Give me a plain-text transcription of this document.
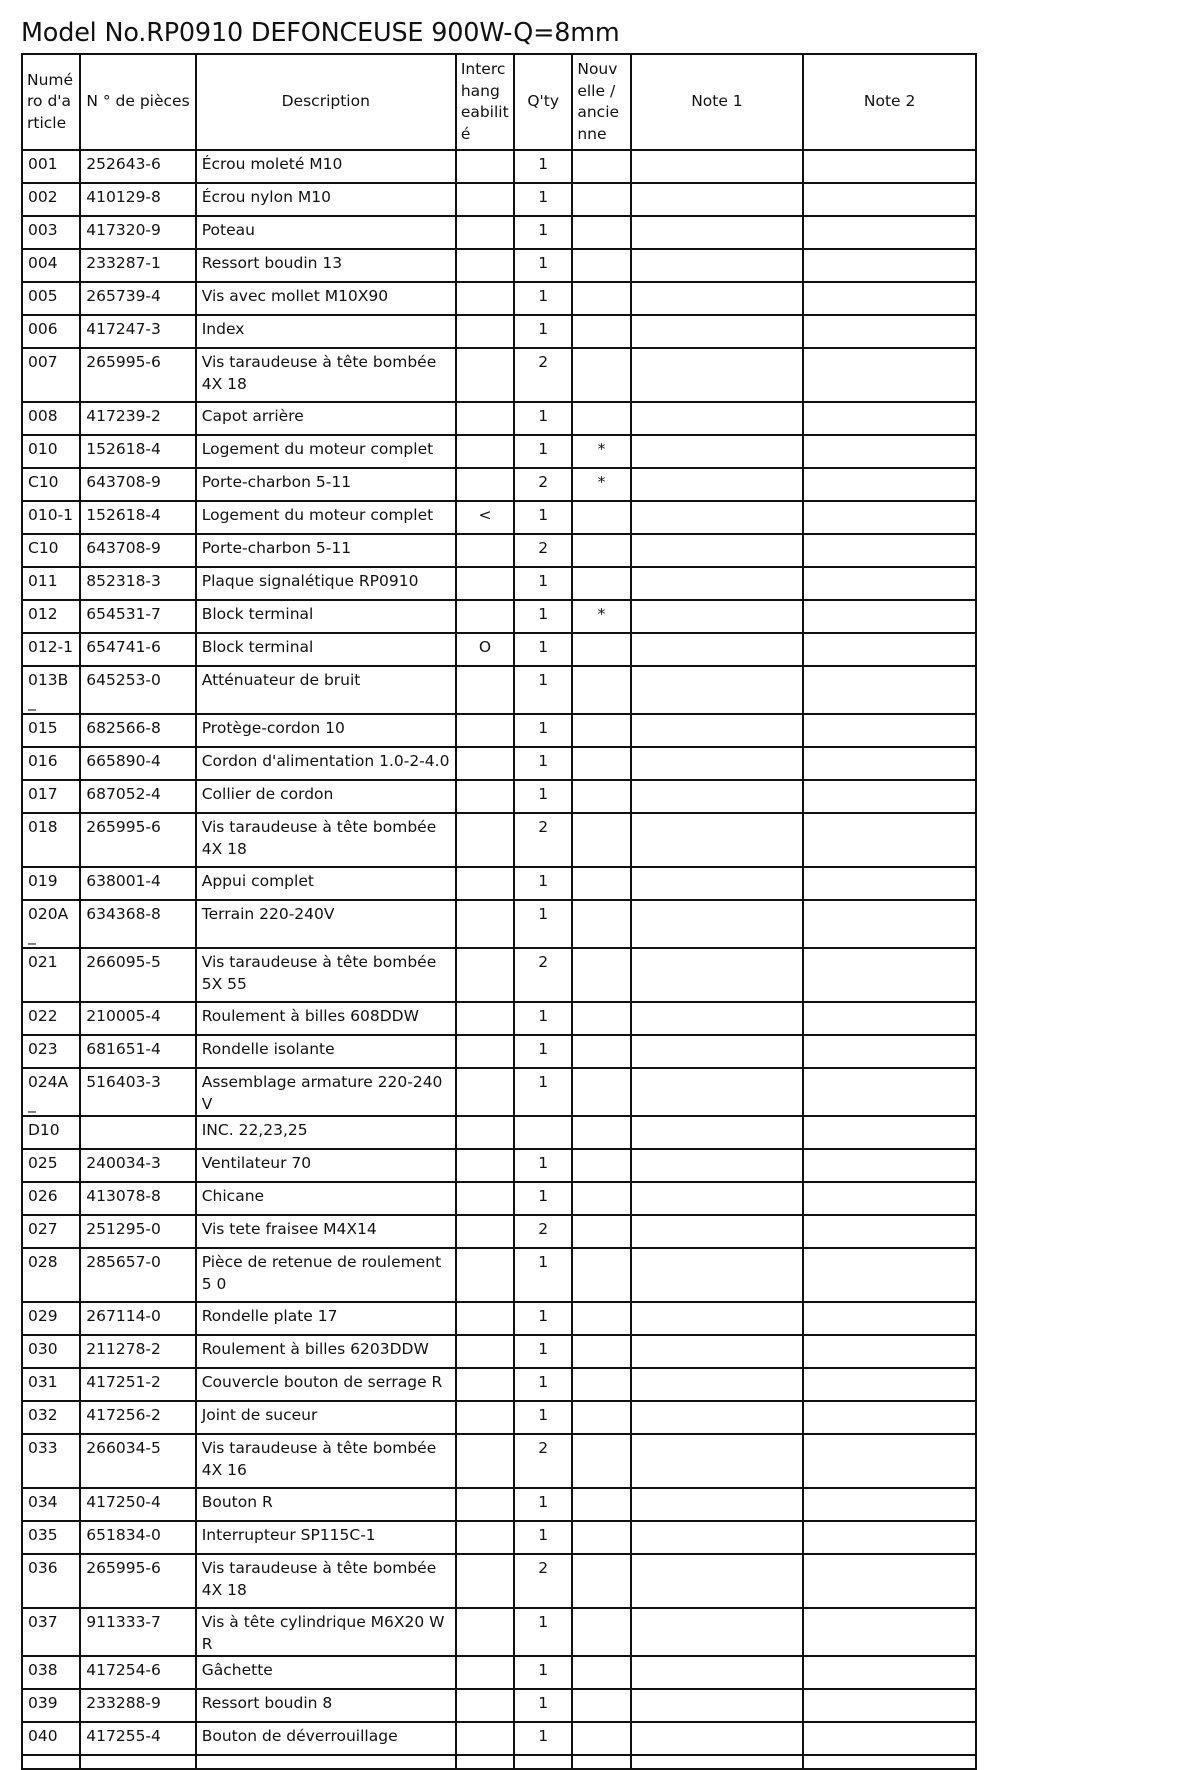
Model No.RP0910 DEFONCEUSE 900W-Q=8mm
Numé ro d'a rticle	N ° de pièces	Description	Interc hang eabilit é	Q'ty	Nouv elle / ancie nne	Note 1	Note 2
001	252643-6	Écrou moleté M10		1			
002	410129-8	Écrou nylon M10		1			
003	417320-9	Poteau		1			
004	233287-1	Ressort boudin 13		1			
005	265739-4	Vis avec mollet M10X90		1			
006	417247-3	Index		1			
007	265995-6	Vis taraudeuse à tête bombée 4X 18		2			
008	417239-2	Capot arrière		1			
010	152618-4	Logement du moteur complet		1	*		
C10	643708-9	Porte-charbon 5-11		2	*		
010-1	152618-4	Logement du moteur complet	<	1			
C10	643708-9	Porte-charbon 5-11		2			
011	852318-3	Plaque signalétique RP0910		1			
012	654531-7	Block terminal		1	*		
012-1	654741-6	Block terminal	O	1			
013B_	645253-0	Atténuateur de bruit		1			
015	682566-8	Protège-cordon 10		1			
016	665890-4	Cordon d'alimentation 1.0-2-4.0		1			
017	687052-4	Collier de cordon		1			
018	265995-6	Vis taraudeuse à tête bombée 4X 18		2			
019	638001-4	Appui complet		1			
020A_	634368-8	Terrain 220-240V		1			
021	266095-5	Vis taraudeuse à tête bombée 5X 55		2			
022	210005-4	Roulement à billes 608DDW		1			
023	681651-4	Rondelle isolante		1			
024A_	516403-3	Assemblage armature 220-240V		1			
D10		INC. 22,23,25					
025	240034-3	Ventilateur 70		1			
026	413078-8	Chicane		1			
027	251295-0	Vis tete fraisee M4X14		2			
028	285657-0	Pièce de retenue de roulement 5 0		1			
029	267114-0	Rondelle plate 17		1			
030	211278-2	Roulement à billes 6203DDW		1			
031	417251-2	Couvercle bouton de serrage R		1			
032	417256-2	Joint de suceur		1			
033	266034-5	Vis taraudeuse à tête bombée 4X 16		2			
034	417250-4	Bouton R		1			
035	651834-0	Interrupteur SP115C-1		1			
036	265995-6	Vis taraudeuse à tête bombée 4X 18		2			
037	911333-7	Vis à tête cylindrique M6X20 WR		1			
038	417254-6	Gâchette		1			
039	233288-9	Ressort boudin 8		1			
040	417255-4	Bouton de déverrouillage		1			
